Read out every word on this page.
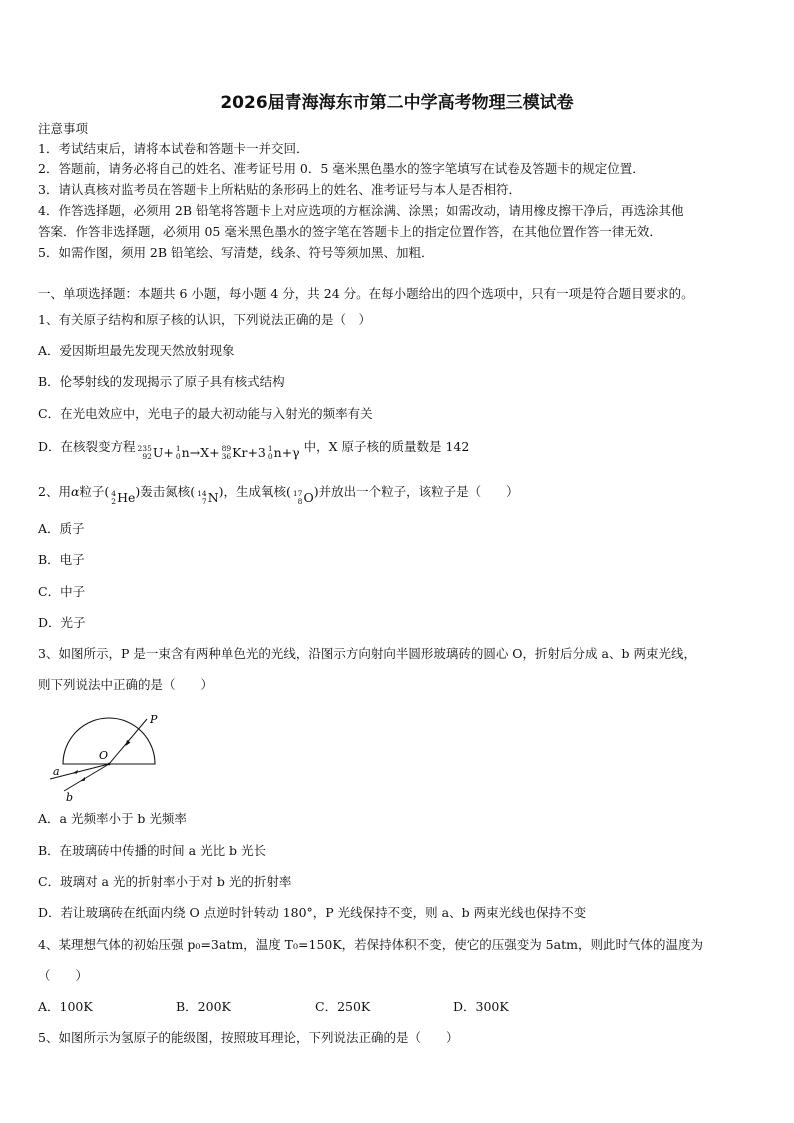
2026届青海海东市第二中学高考物理三模试卷
注意事项
1．考试结束后，请将本试卷和答题卡一并交回．
2．答题前，请务必将自己的姓名、准考证号用 0．5 毫米黑色墨水的签字笔填写在试卷及答题卡的规定位置．
3．请认真核对监考员在答题卡上所粘贴的条形码上的姓名、准考证号与本人是否相符．
4．作答选择题，必须用 2B 铅笔将答题卡上对应选项的方框涂满、涂黑；如需改动，请用橡皮擦干净后，再选涂其他
答案．作答非选择题，必须用 05 毫米黑色墨水的签字笔在答题卡上的指定位置作答，在其他位置作答一律无效．
5．如需作图，须用 2B 铅笔绘、写清楚，线条、符号等须加黑、加粗．
一、单项选择题：本题共 6 小题，每小题 4 分，共 24 分。在每小题给出的四个选项中，只有一项是符合题目要求的。
1、有关原子结构和原子核的认识，下列说法正确的是（　）
A．爱因斯坦最先发现天然放射现象
B．伦琴射线的发现揭示了原子具有核式结构
C．在光电效应中，光电子的最大初动能与入射光的频率有关
D．在核裂变方程 235
92 U+ 1
0 n →X+ 89
36 Kr+3 1
0 n+γ 中，X 原子核的质量数是 142
2、用α粒子( 4
2 He )轰击氮核( 14
7 N )，生成氧核( 17
8 O )并放出一个粒子，该粒子是（　　）
A．质子
B．电子
C．中子
D．光子
3、如图所示，P 是一束含有两种单色光的光线，沿图示方向射向半圆形玻璃砖的圆心 O，折射后分成 a、b 两束光线，
则下列说法中正确的是（　　）
P
O
a
b
A．a 光频率小于 b 光频率
B．在玻璃砖中传播的时间 a 光比 b 光长
C．玻璃对 a 光的折射率小于对 b 光的折射率
D．若让玻璃砖在纸面内绕 O 点逆时针转动 180°，P 光线保持不变，则 a、b 两束光线也保持不变
4、某理想气体的初始压强 p₀=3atm，温度 T₀=150K，若保持体积不变，使它的压强变为 5atm，则此时气体的温度为
（　　）
A．100K	B．200K	C．250K	D．300K
5、如图所示为氢原子的能级图，按照玻耳理论，下列说法正确的是（　　）
